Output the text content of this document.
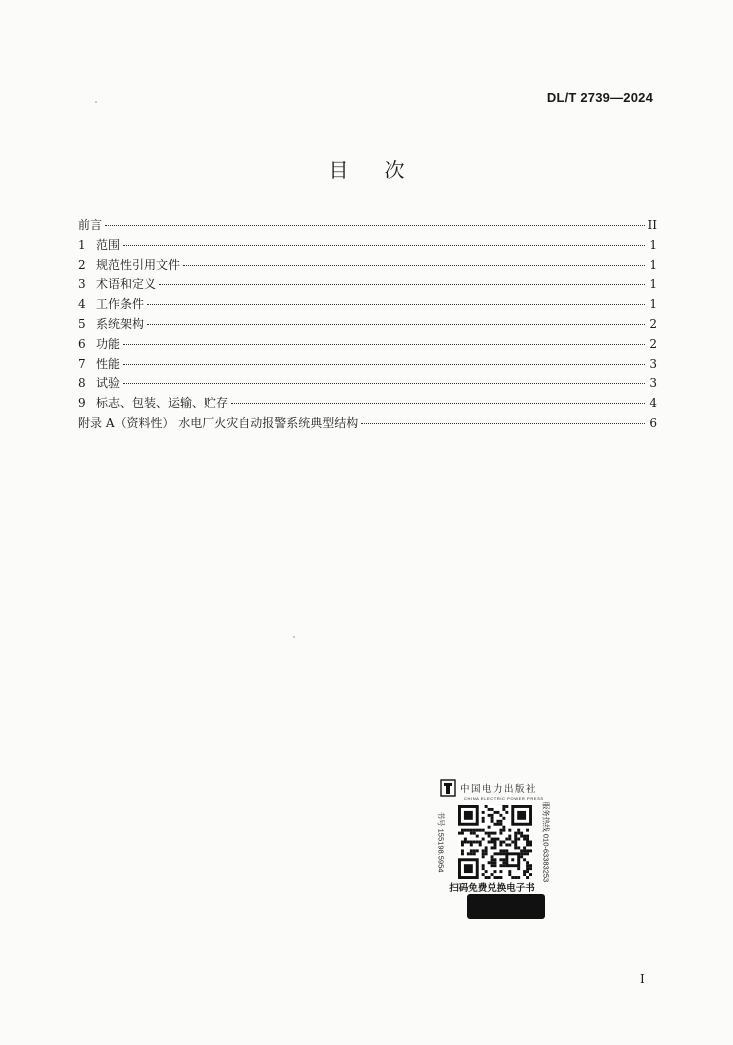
DL/T 2739—2024
目次
前言	II
1 范围	1
2 规范性引用文件	1
3 术语和定义	1
4 工作条件	1
5 系统架构	2
6 功能	2
7 性能	3
8 试验	3
9 标志、包装、运输、贮存	4
附录 A（资料性） 水电厂火灾自动报警系统典型结构	6
中国电力出版社
CHINA ELECTRIC POWER PRESS
书号 155198.5954	服务热线 010-63383253
扫码免费兑换电子书
I
